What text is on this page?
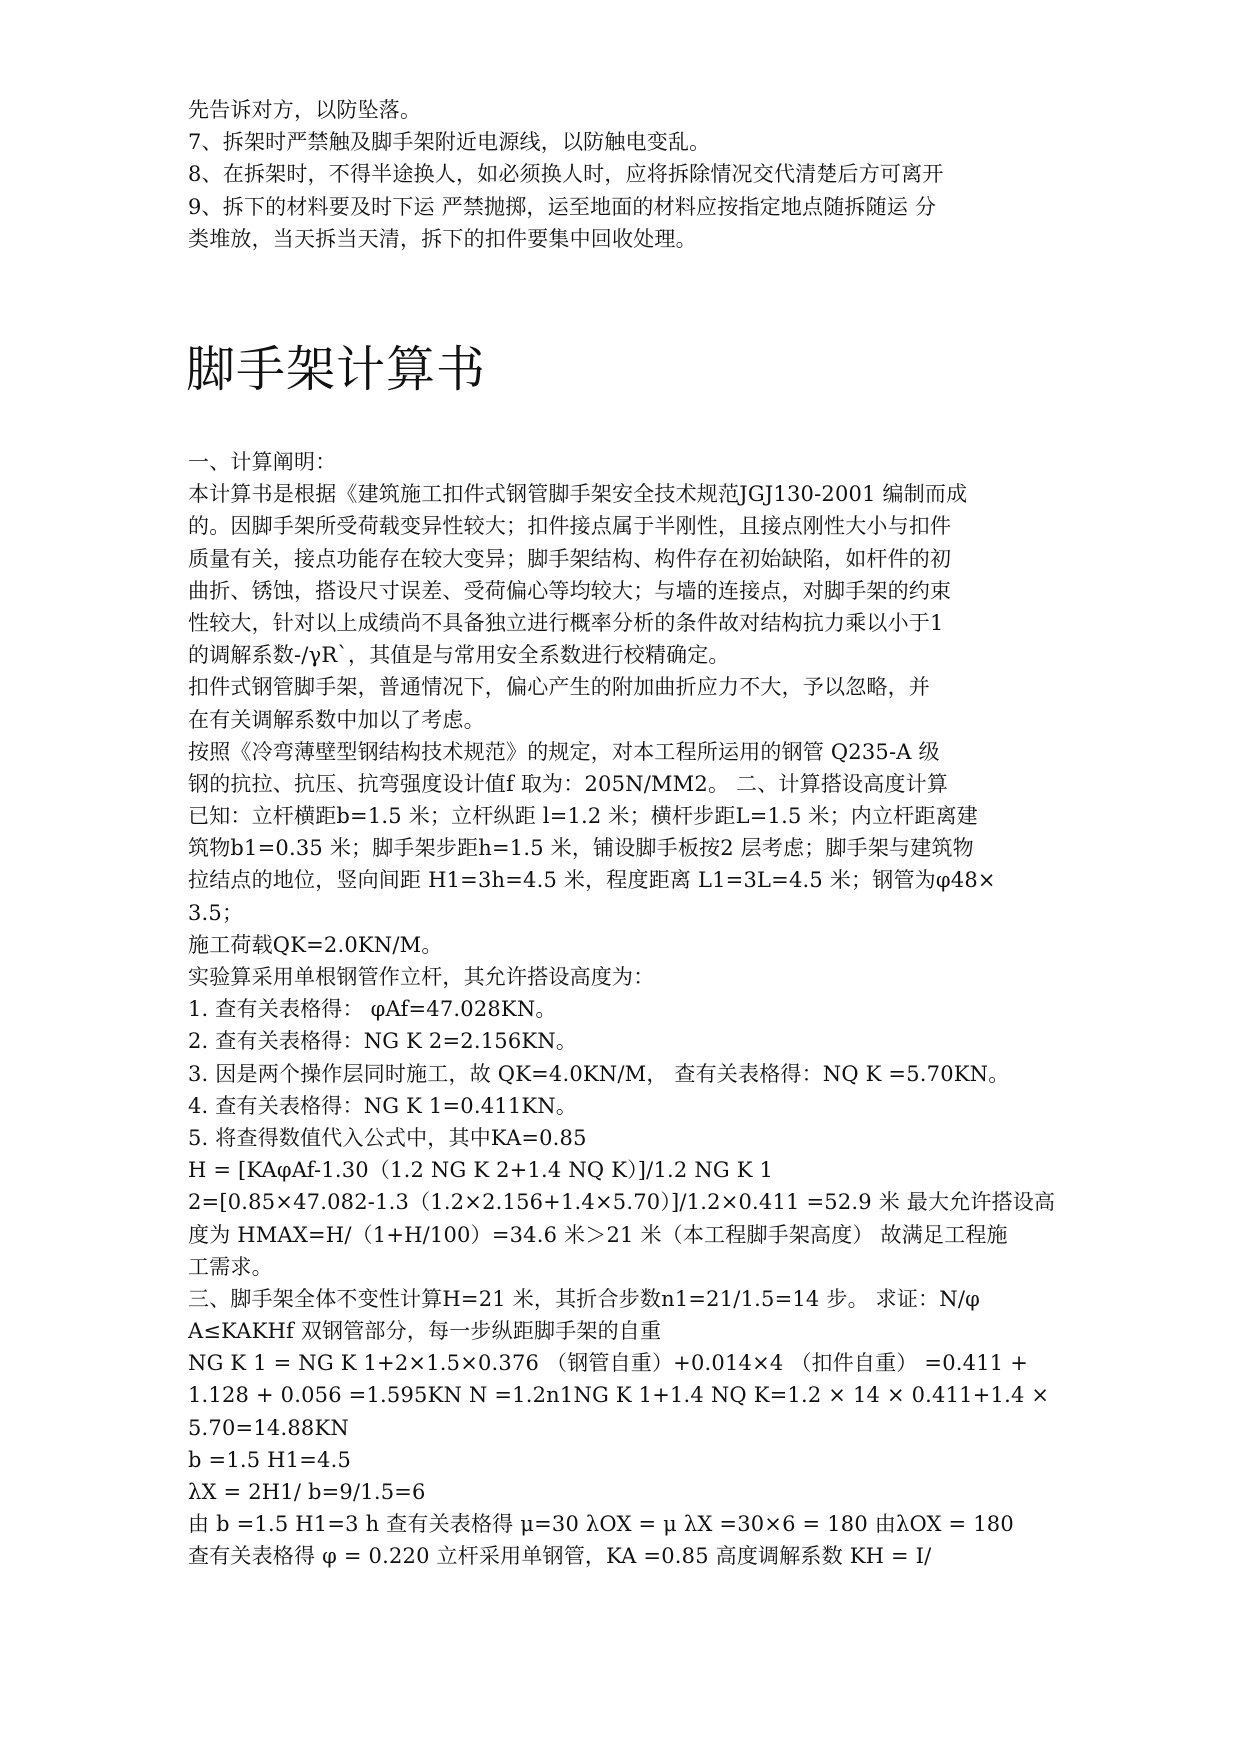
先告诉对方，以防坠落。
7、拆架时严禁触及脚手架附近电源线，以防触电变乱。
8、在拆架时，不得半途换人，如必须换人时，应将拆除情况交代清楚后方可离开
9、拆下的材料要及时下运 严禁抛掷，运至地面的材料应按指定地点随拆随运 分
类堆放，当天拆当天清，拆下的扣件要集中回收处理。
脚手架计算书
一、计算阐明：
本计算书是根据《建筑施工扣件式钢管脚手架安全技术规范JGJ130-2001 编制而成
的。因脚手架所受荷载变异性较大；扣件接点属于半刚性，且接点刚性大小与扣件
质量有关，接点功能存在较大变异；脚手架结构、构件存在初始缺陷，如杆件的初
曲折、锈蚀，搭设尺寸误差、受荷偏心等均较大；与墙的连接点，对脚手架的约束
性较大，针对以上成绩尚不具备独立进行概率分析的条件故对结构抗力乘以小于1
的调解系数-/γR`，其值是与常用安全系数进行校精确定。
扣件式钢管脚手架，普通情况下，偏心产生的附加曲折应力不大，予以忽略，并
在有关调解系数中加以了考虑。
按照《冷弯薄壁型钢结构技术规范》的规定，对本工程所运用的钢管 Q235-A 级
钢的抗拉、抗压、抗弯强度设计值f 取为：205N/MM2。 二、计算搭设高度计算
已知：立杆横距b=1.5 米；立杆纵距 l=1.2 米；横杆步距L=1.5 米；内立杆距离建
筑物b1=0.35 米；脚手架步距h=1.5 米，铺设脚手板按2 层考虑；脚手架与建筑物
拉结点的地位，竖向间距 H1=3h=4.5 米，程度距离 L1=3L=4.5 米；钢管为φ48×
3.5；
施工荷载QK=2.0KN/M。
实验算采用单根钢管作立杆，其允许搭设高度为：
1. 查有关表格得： φAf=47.028KN。
2. 查有关表格得：NG K 2=2.156KN。
3. 因是两个操作层同时施工，故 QK=4.0KN/M， 查有关表格得：NQ K =5.70KN。
4. 查有关表格得：NG K 1=0.411KN。
5. 将查得数值代入公式中，其中KA=0.85
H = [KAφAf-1.30（1.2 NG K 2+1.4 NQ K）]/1.2 NG K 1
2=[0.85×47.082-1.3（1.2×2.156+1.4×5.70）]/1.2×0.411 =52.9 米 最大允许搭设高
度为 HMAX=H/（1+H/100）=34.6 米＞21 米（本工程脚手架高度） 故满足工程施
工需求。
三、脚手架全体不变性计算H=21 米，其折合步数n1=21/1.5=14 步。 求证：N/φ
A≤KAKHf 双钢管部分，每一步纵距脚手架的自重
NG K 1 = NG K 1+2×1.5×0.376 （钢管自重）+0.014×4 （扣件自重） =0.411 +
1.128 + 0.056 =1.595KN N =1.2n1NG K 1+1.4 NQ K=1.2 × 14 × 0.411+1.4 ×
5.70=14.88KN
b =1.5 H1=4.5
λX = 2H1/ b=9/1.5=6
由 b =1.5 H1=3 h 查有关表格得 μ=30 λOX = μ λX =30×6 = 180 由λOX = 180
查有关表格得 φ = 0.220 立杆采用单钢管，KA =0.85 高度调解系数 KH = I/
